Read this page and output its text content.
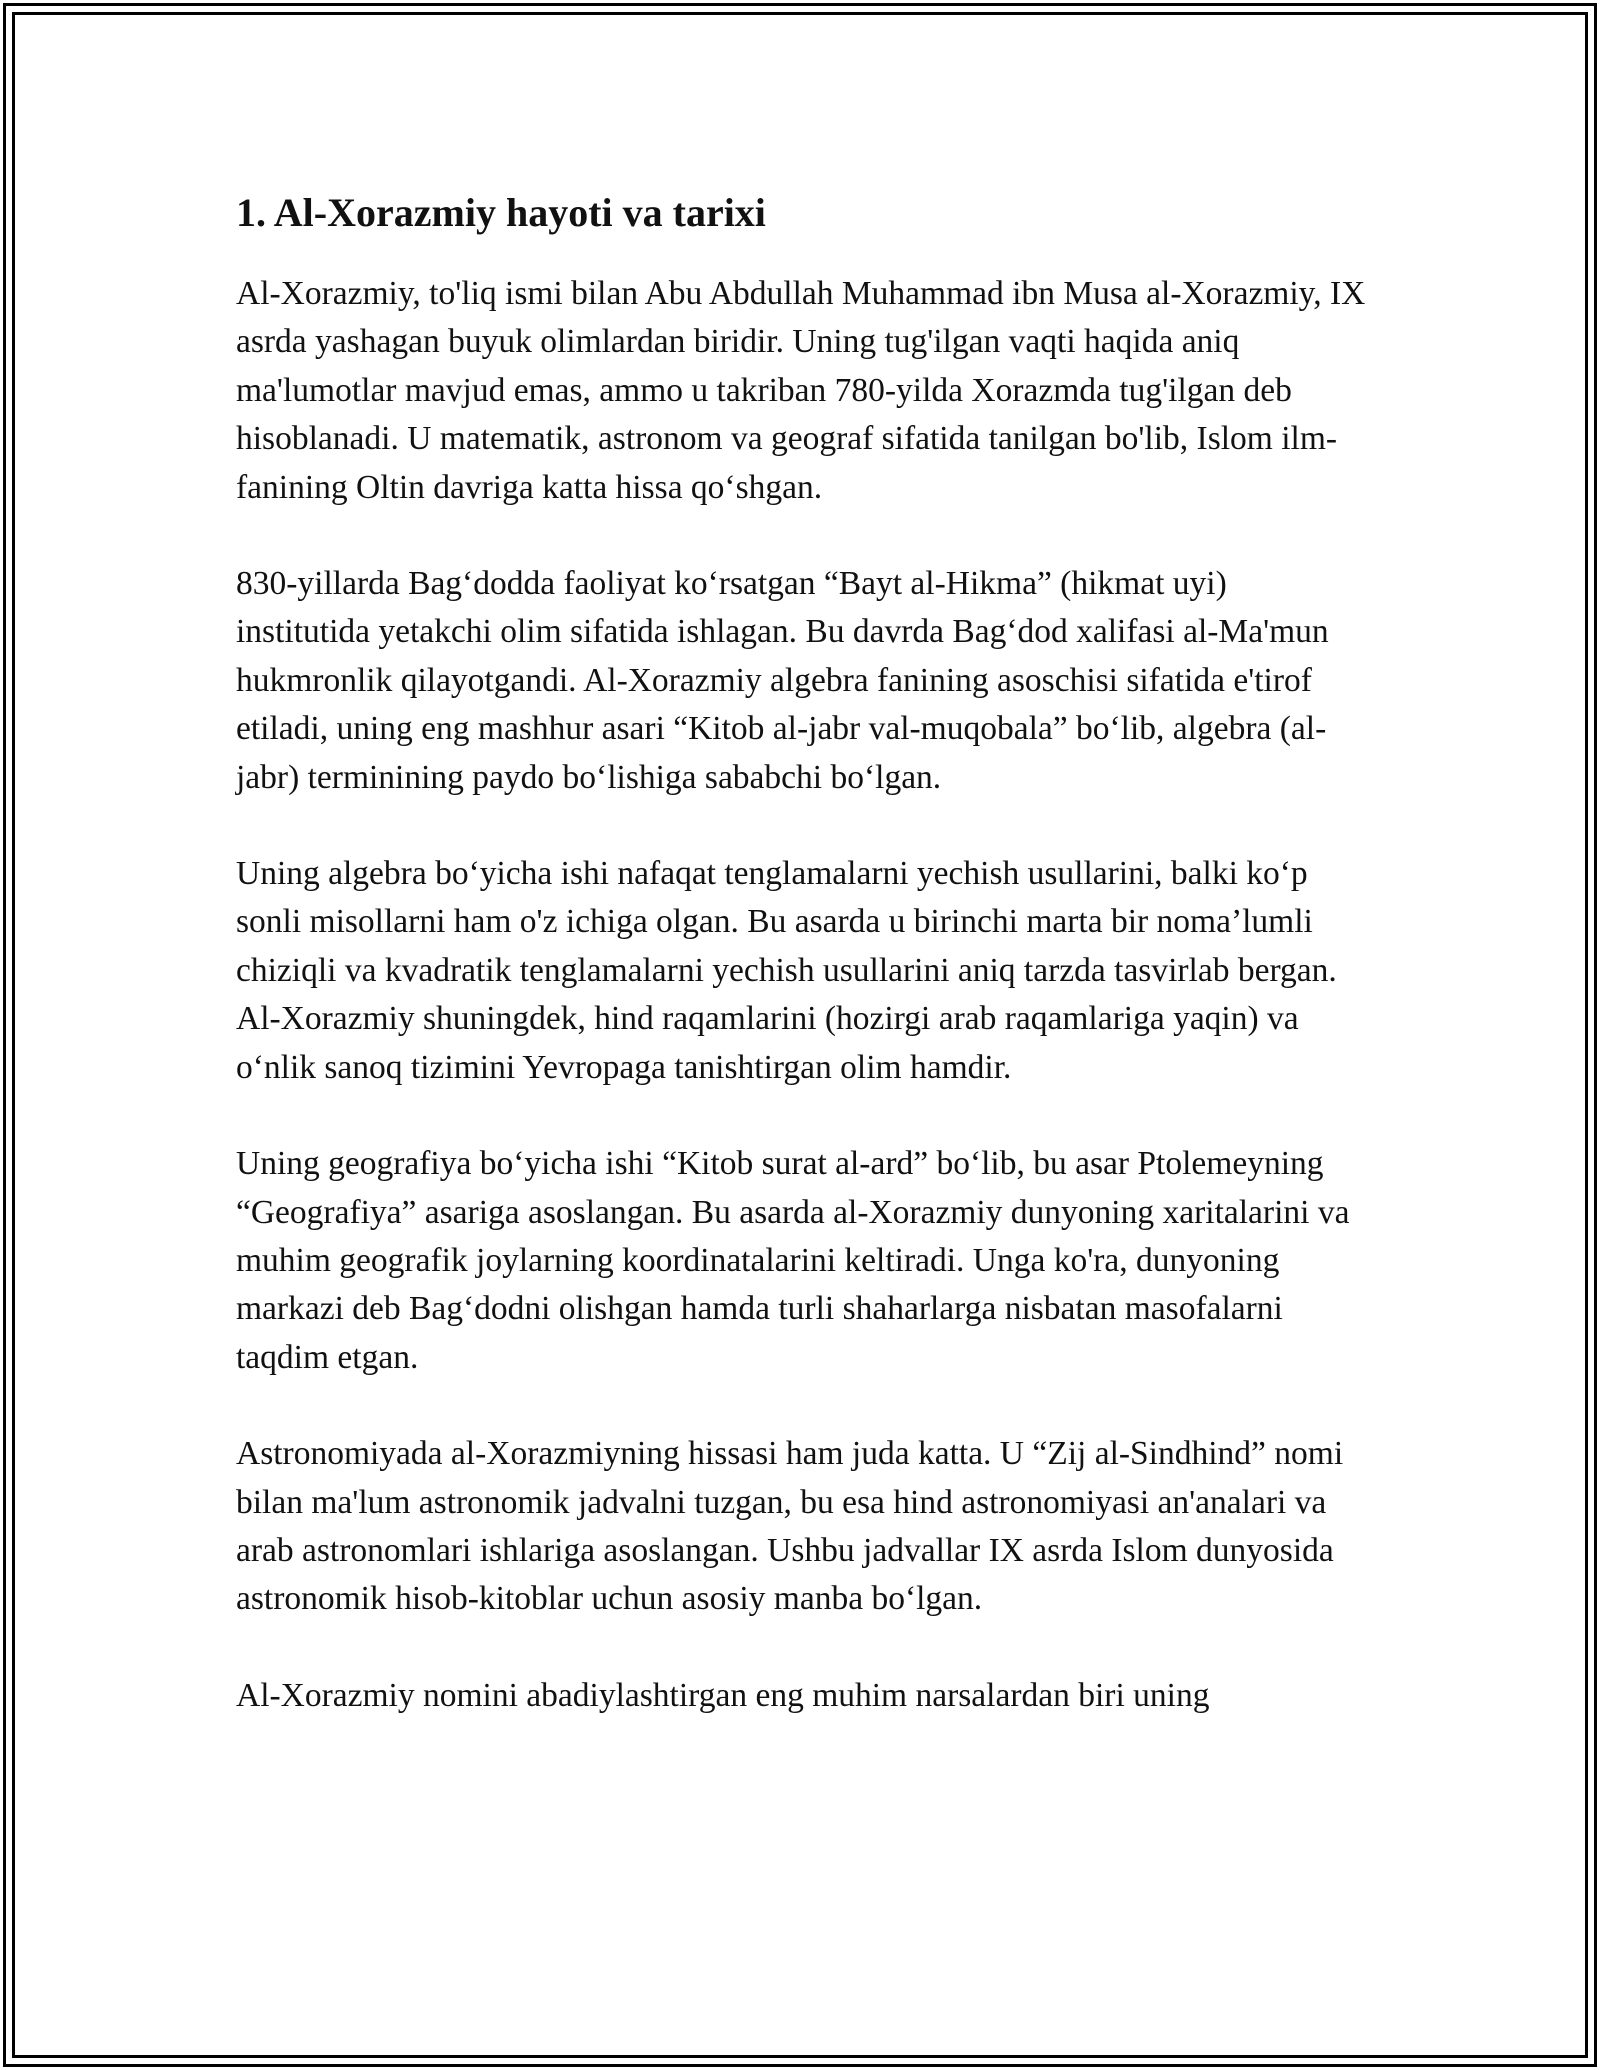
1. Al-Xorazmiy hayoti va tarixi

Al-Xorazmiy, to'liq ismi bilan Abu Abdullah Muhammad ibn Musa al-Xorazmiy, IX asrda yashagan buyuk olimlardan biridir. Uning tug'ilgan vaqti haqida aniq ma'lumotlar mavjud emas, ammo u takriban 780-yilda Xorazmda tug'ilgan deb hisoblanadi. U matematik, astronom va geograf sifatida tanilgan bo'lib, Islom ilm-fanining Oltin davriga katta hissa qo‘shgan.

830-yillarda Bag‘dodda faoliyat ko‘rsatgan “Bayt al-Hikma” (hikmat uyi) institutida yetakchi olim sifatida ishlagan. Bu davrda Bag‘dod xalifasi al-Ma'mun hukmronlik qilayotgandi. Al-Xorazmiy algebra fanining asoschisi sifatida e'tirof etiladi, uning eng mashhur asari “Kitob al-jabr val-muqobala” bo‘lib, algebra (al-jabr) terminining paydo bo‘lishiga sababchi bo‘lgan.

Uning algebra bo‘yicha ishi nafaqat tenglamalarni yechish usullarini, balki ko‘p sonli misollarni ham o'z ichiga olgan. Bu asarda u birinchi marta bir noma’lumli chiziqli va kvadratik tenglamalarni yechish usullarini aniq tarzda tasvirlab bergan. Al-Xorazmiy shuningdek, hind raqamlarini (hozirgi arab raqamlariga yaqin) va o‘nlik sanoq tizimini Yevropaga tanishtirgan olim hamdir.

Uning geografiya bo‘yicha ishi “Kitob surat al-ard” bo‘lib, bu asar Ptolemeyning “Geografiya” asariga asoslangan. Bu asarda al-Xorazmiy dunyoning xaritalarini va muhim geografik joylarning koordinatalarini keltiradi. Unga ko'ra, dunyoning markazi deb Bag‘dodni olishgan hamda turli shaharlarga nisbatan masofalarni taqdim etgan.

Astronomiyada al-Xorazmiyning hissasi ham juda katta. U “Zij al-Sindhind” nomi bilan ma'lum astronomik jadvalni tuzgan, bu esa hind astronomiyasi an'analari va arab astronomlari ishlariga asoslangan. Ushbu jadvallar IX asrda Islom dunyosida astronomik hisob-kitoblar uchun asosiy manba bo‘lgan.

Al-Xorazmiy nomini abadiylashtirgan eng muhim narsalardan biri uning
